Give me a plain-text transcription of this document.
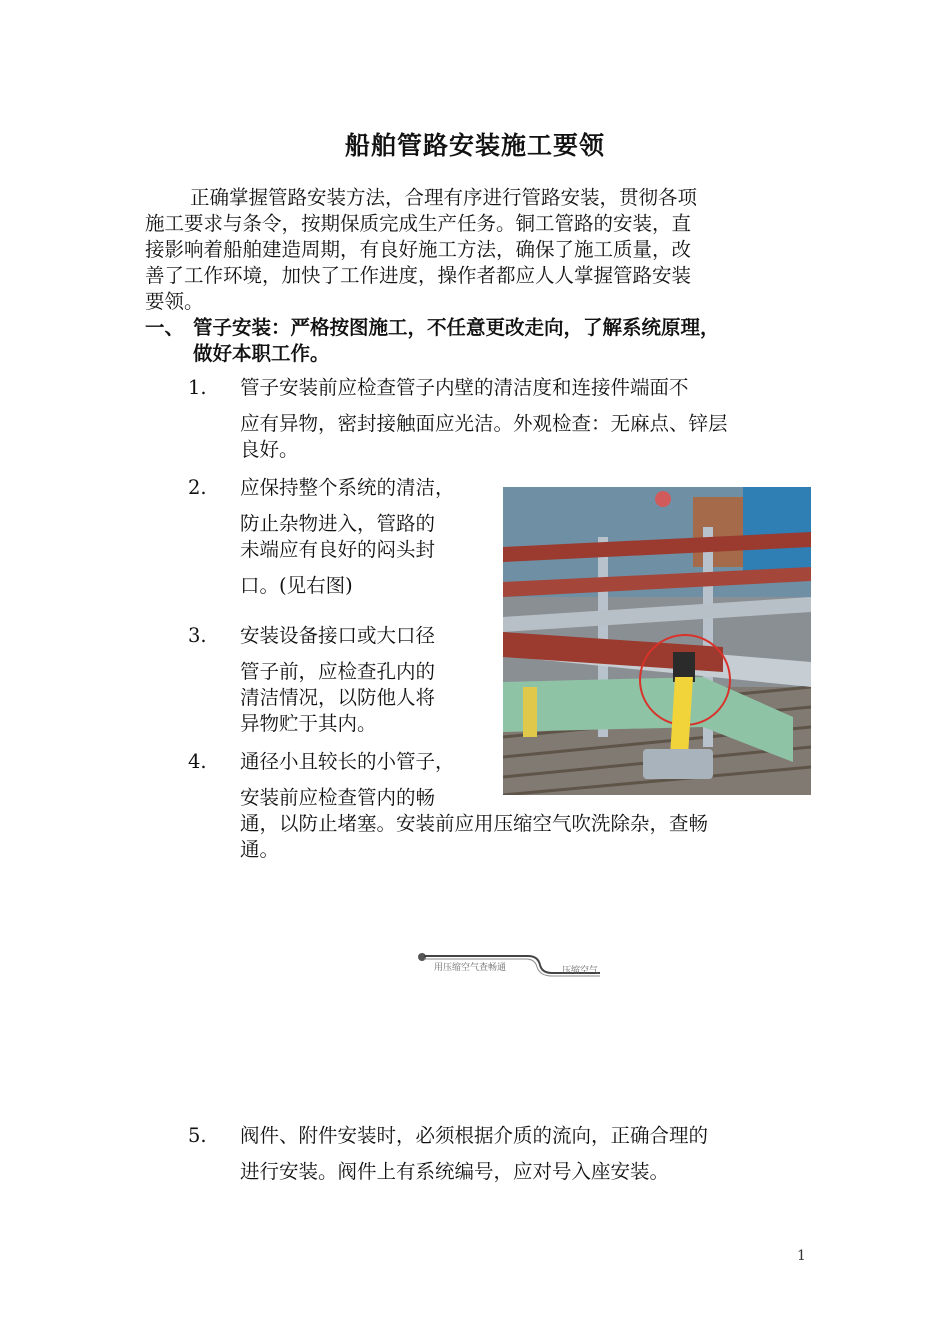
船舶管路安装施工要领
正确掌握管路安装方法，合理有序进行管路安装，贯彻各项
施工要求与条令，按期保质完成生产任务。铜工管路的安装，直
接影响着船舶建造周期，有良好施工方法，确保了施工质量，改
善了工作环境，加快了工作进度，操作者都应人人掌握管路安装
要领。
一、 管子安装：严格按图施工，不任意更改走向，了解系统原理，
做好本职工作。
1. 管子安装前应检查管子内壁的清洁度和连接件端面不
应有异物，密封接触面应光洁。外观检查：无麻点、锌层
良好。
2. 应保持整个系统的清洁，
防止杂物进入，管路的
未端应有良好的闷头封
口。(见右图)
3. 安装设备接口或大口径
管子前，应检查孔内的
清洁情况，以防他人将
异物贮于其内。
4. 通径小且较长的小管子，
安装前应检查管内的畅
通，以防止堵塞。安装前应用压缩空气吹洗除杂，查畅
通。
用压缩空气查畅通	压缩空气
5. 阀件、附件安装时，必须根据介质的流向，正确合理的
进行安装。阀件上有系统编号，应对号入座安装。
1
